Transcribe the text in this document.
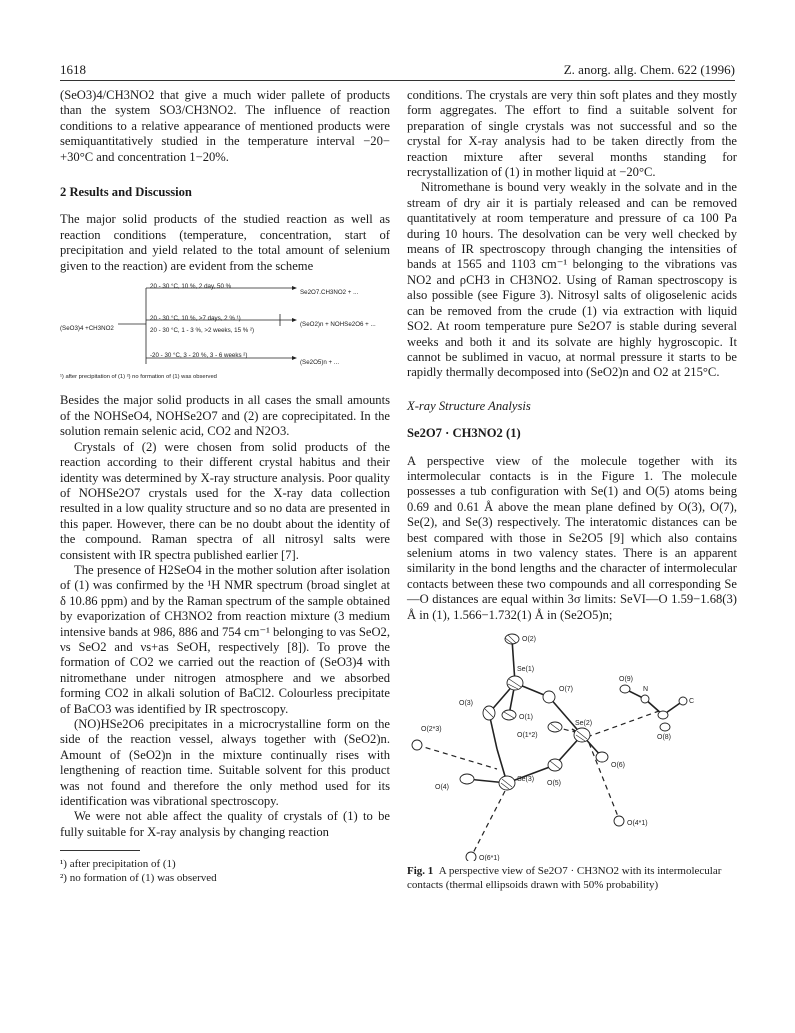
1618	Z. anorg. allg. Chem. 622 (1996)

(SeO3)4/CH3NO2 that give a much wider pallete of products than the system SO3/CH3NO2. The influence of reaction conditions to a relative appearance of mentioned products were semiquantitatively studied in the temperature interval −20−+30°C and concentration 1−20%.

2 Results and Discussion

The major solid products of the studied reaction as well as reaction conditions (temperature, concentration, start of precipitation and yield related to the total amount of selenium given to the reaction) are evident from the scheme

(SeO3)4 +CH3NO2
20 - 30 °C, 10 %, 2 day, 50 %
Se2O7.CH3NO2 + ...
20 - 30 °C, 10 %, >7 days, 2 % ¹)
20 - 30 °C, 1 - 3 %, >2 weeks, 15 % ²)
(SeO2)n + NOHSe2O6 + ...
-20 - 30 °C, 3 - 20 %, 3 - 6 weeks ²)
(Se2O5)n + ...
¹) after precipitation of (1) ²) no formation of (1) was observed

Besides the major solid products in all cases the small amounts of the NOHSeO4, NOHSe2O7 and (2) are coprecipitated. In the solution remain selenic acid, CO2 and N2O3.

Crystals of (2) were chosen from solid products of the reaction according to their different crystal habitus and their identity was determined by X-ray structure analysis. Poor quality of NOHSe2O7 crystals used for the X-ray data collection resulted in a low quality structure and so no data are presented in this paper. However, there can be no doubt about the identity of the compound. Raman spectra of all nitrosyl salts were consistent with IR spectra published earlier [7].

The presence of H2SeO4 in the mother solution after isolation of (1) was confirmed by the ¹H NMR spectrum (broad singlet at δ 10.86 ppm) and by the Raman spectrum of the sample obtained by evaporization of CH3NO2 from reaction mixture (3 medium intensive bands at 986, 886 and 754 cm⁻¹ belonging to νas SeO2, νs SeO2 and νs+as SeOH, respectively [8]). To prove the formation of CO2 we carried out the reaction of (SeO3)4 with nitromethane under nitrogen atmosphere and we absorbed forming CO2 in alkali solution of BaCl2. Colourless precipitate of BaCO3 was identified by IR spectroscopy.

(NO)HSe2O6 precipitates in a microcrystalline form on the side of the reaction vessel, always together with (SeO2)n. Amount of (SeO2)n in the mixture continually rises with lengthening of reaction time. Suitable solvent for this product was not found and therefore the only method used for its identification was vibrational spectroscopy.

We were not able affect the quality of crystals of (1) to be fully suitable for X-ray analysis by changing reaction

¹) after precipitation of (1)

²) no formation of (1) was observed

conditions. The crystals are very thin soft plates and they mostly form aggregates. The effort to find a suitable solvent for preparation of single crystals was not successful and so the crystal for X-ray analysis had to be taken directly from the reaction mixture after several months standing for recrystallization of (1) in mother liquid at −20°C.

Nitromethane is bound very weakly in the solvate and in the stream of dry air it is partialy released and can be removed quantitatively at room temperature and pressure of ca 100 Pa during 10 hours. The desolvation can be very well checked by means of IR spectroscopy through changing the intensities of bands at 1565 and 1103 cm⁻¹ belonging to the vibrations νas NO2 and ρCH3 in CH3NO2. Using of Raman spectroscopy is also possible (see Figure 3). Nitrosyl salts of oligoselenic acids can be removed from the crude (1) via extraction with liquid SO2. At room temperature pure Se2O7 is stable during several weeks and both it and its solvate are highly hygroscopic. It cannot be sublimed in vacuo, at normal pressure it starts to be rapidly thermally decomposed into (SeO2)n and O2 at 215°C.

X-ray Structure Analysis
Se2O7 · CH3NO2 (1)

A perspective view of the molecule together with its intermolecular contacts is in the Figure 1. The molecule possesses a tub configuration with Se(1) and O(5) atoms being 0.69 and 0.61 Å above the mean plane defined by O(3), O(7), Se(2), and Se(3) respectively. The interatomic distances can be best compared with those in Se2O5 [9] which also contains selenium atoms in two valency states. There is an apparent similarity in the bond lengths and the character of intermolecular contacts between these two compounds and all corresponding Se—O distances are equal within 3σ limits: SeVI—O 1.59−1.68(3) Å in (1), 1.566−1.732(1) Å in (Se2O5)n;

O(2)
Se(1)
O(7)
O(9)
N
C
O(3)
O(1)
O(2*3)
O(1*2)
Se(2)
O(8)
Se(3)
O(6)
O(4)
O(5)
O(4*1)
O(6*1)
Fig. 1 A perspective view of Se2O7 · CH3NO2 with its intermolecular contacts (thermal ellipsoids drawn with 50% probability)
